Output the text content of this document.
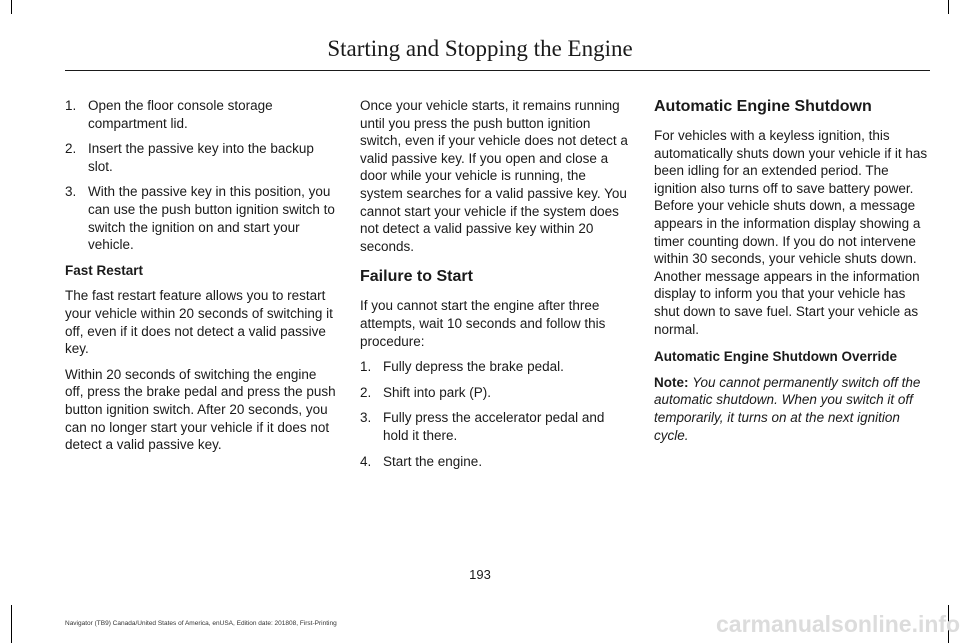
Starting and Stopping the Engine
1. Open the floor console storage compartment lid.
2. Insert the passive key into the backup slot.
3. With the passive key in this position, you can use the push button ignition switch to switch the ignition on and start your vehicle.
Fast Restart

The fast restart feature allows you to restart your vehicle within 20 seconds of switching it off, even if it does not detect a valid passive key.

Within 20 seconds of switching the engine off, press the brake pedal and press the push button ignition switch. After 20 seconds, you can no longer start your vehicle if it does not detect a valid passive key.

Once your vehicle starts, it remains running until you press the push button ignition switch, even if your vehicle does not detect a valid passive key. If you open and close a door while your vehicle is running, the system searches for a valid passive key. You cannot start your vehicle if the system does not detect a valid passive key within 20 seconds.

Failure to Start

If you cannot start the engine after three attempts, wait 10 seconds and follow this procedure:

1. Fully depress the brake pedal.
2. Shift into park (P).
3. Fully press the accelerator pedal and hold it there.
4. Start the engine.
Automatic Engine Shutdown

For vehicles with a keyless ignition, this automatically shuts down your vehicle if it has been idling for an extended period. The ignition also turns off to save battery power. Before your vehicle shuts down, a message appears in the information display showing a timer counting down. If you do not intervene within 30 seconds, your vehicle shuts down. Another message appears in the information display to inform you that your vehicle has shut down to save fuel. Start your vehicle as normal.

Automatic Engine Shutdown Override

Note: You cannot permanently switch off the automatic shutdown. When you switch it off temporarily, it turns on at the next ignition cycle.

193
Navigator (TB9) Canada/United States of America, enUSA, Edition date: 201808, First-Printing	carmanualsonline.info
